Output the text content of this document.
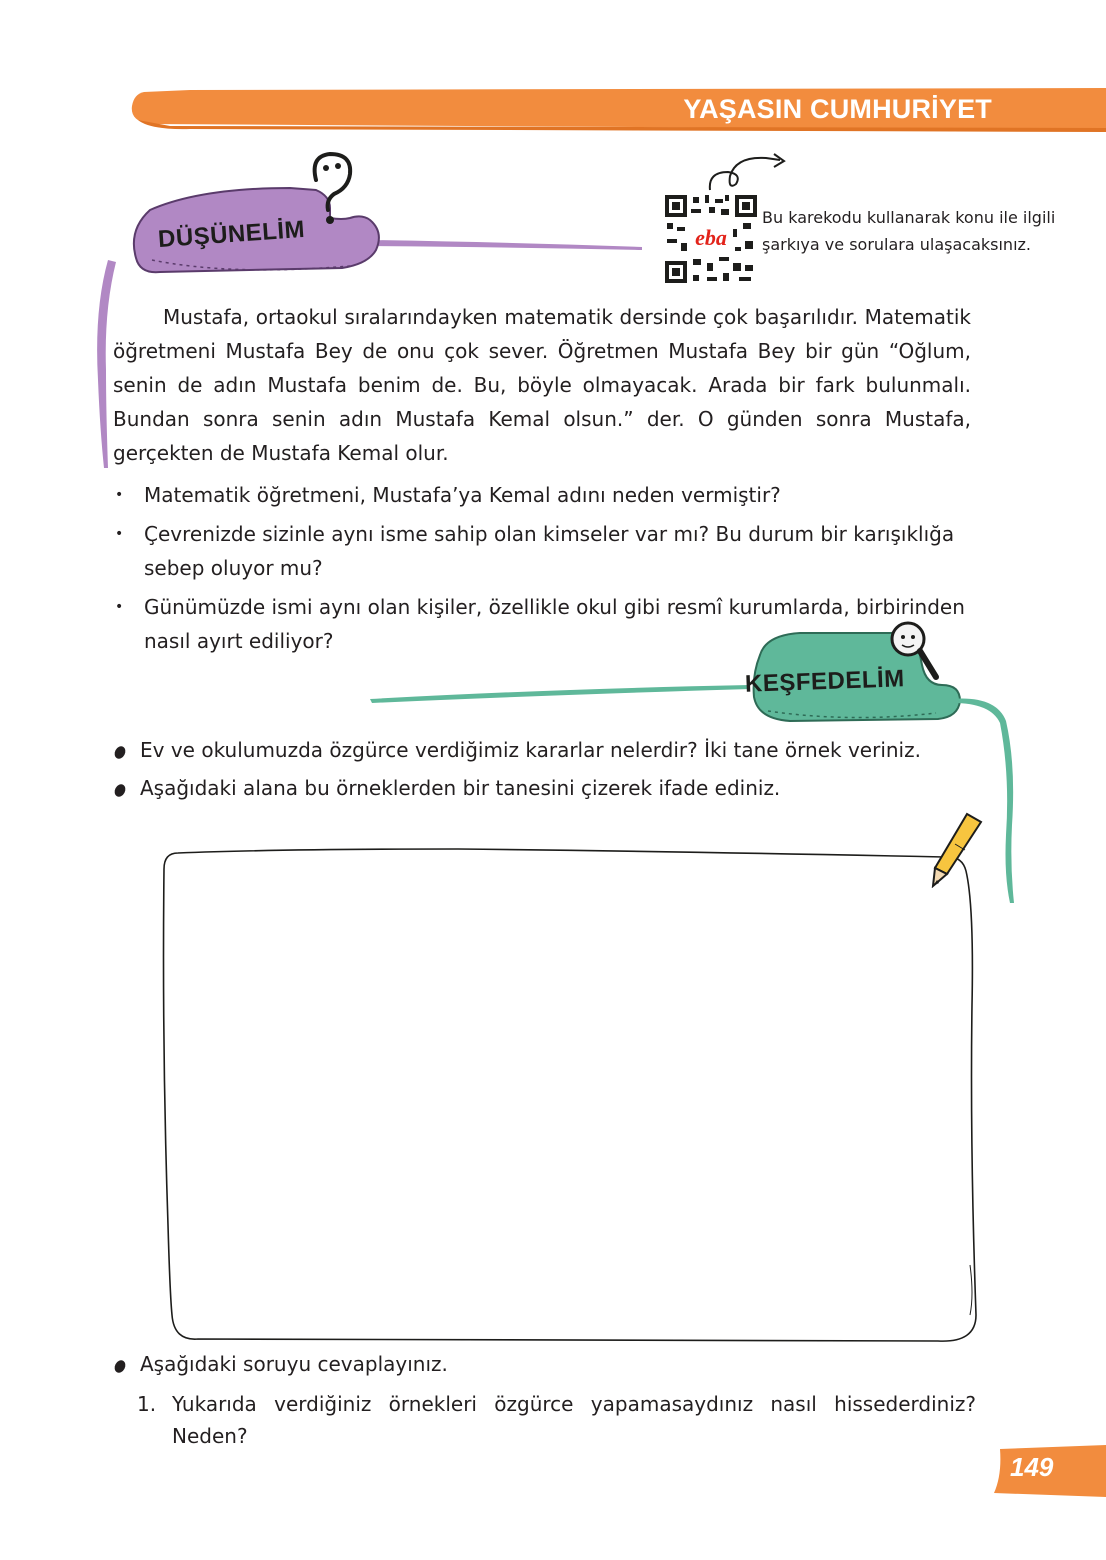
YAŞASIN CUMHURİYET
DÜŞÜNELİM	eba
Bu karekodu kullanarak konu ile ilgili şarkıya ve sorulara ulaşacaksınız.

Mustafa, ortaokul sıralarındayken matematik dersinde çok başarılıdır. Matematik öğretmeni Mustafa Bey de onu çok sever. Öğretmen Mustafa Bey bir gün “Oğlum, senin de adın Mustafa benim de. Bu, böyle olmayacak. Arada bir fark bulunmalı. Bundan sonra senin adın Mustafa Kemal olsun.” der. O günden sonra Mustafa, gerçekten de Mustafa Kemal olur.

• Matematik öğretmeni, Mustafa’ya Kemal adını neden vermiştir?
• Çevrenizde sizinle aynı isme sahip olan kimseler var mı? Bu durum bir karışıklığa sebep oluyor mu?
• Günümüzde ismi aynı olan kişiler, özellikle okul gibi resmî kurumlarda, birbirinden nasıl ayırt ediliyor?
KEŞFEDELİM
Ev ve okulumuzda özgürce verdiğimiz kararlar nelerdir? İki tane örnek veriniz.
Aşağıdaki alana bu örneklerden bir tanesini çizerek ifade ediniz.
Aşağıdaki soruyu cevaplayınız.
1. Yukarıda verdiğiniz örnekleri özgürce yapamasaydınız nasıl hissederdiniz? Neden?
149
